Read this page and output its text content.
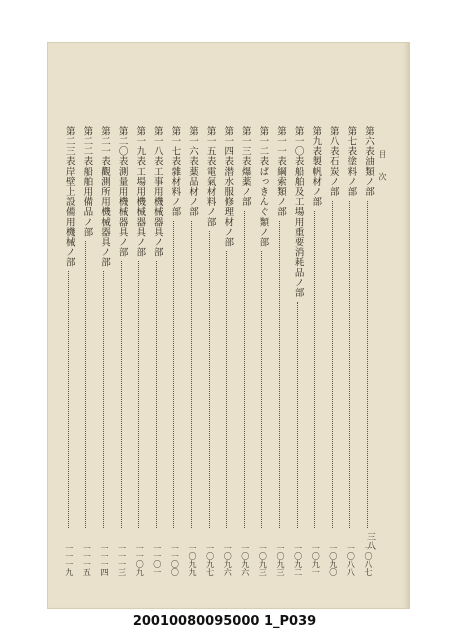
目 次
第六表油類ノ部
一〇八七
第七表塗料ノ部
一〇八八
第八表石炭ノ部
一〇九〇
第九表製帆材ノ部
一〇九一
第一〇表船舶及工場用重要消耗品ノ部
一〇九二
第一一表綱索類ノ部
一〇九三
第一二表ぱっきんぐ類ノ部
一〇九三
第一三表爆薬ノ部
一〇九六
第一四表潜水服修理材ノ部
一〇九六
第一五表電氣材料ノ部
一〇九七
第一六表薬品材ノ部
一〇九九
第一七表雜材料ノ部
一一〇〇
第一八表工事用機械器具ノ部
一一〇一
第一九表工場用機械器具ノ部
一一〇九
第二〇表測量用機械器具ノ部
一一一三
第二一表觀測所用機械器具ノ部
一一一四
第二二表船舶用備品ノ部
一一一五
第二三表岸壁上設備用機械ノ部
一一一九
三八
20010080095000 1_P039
